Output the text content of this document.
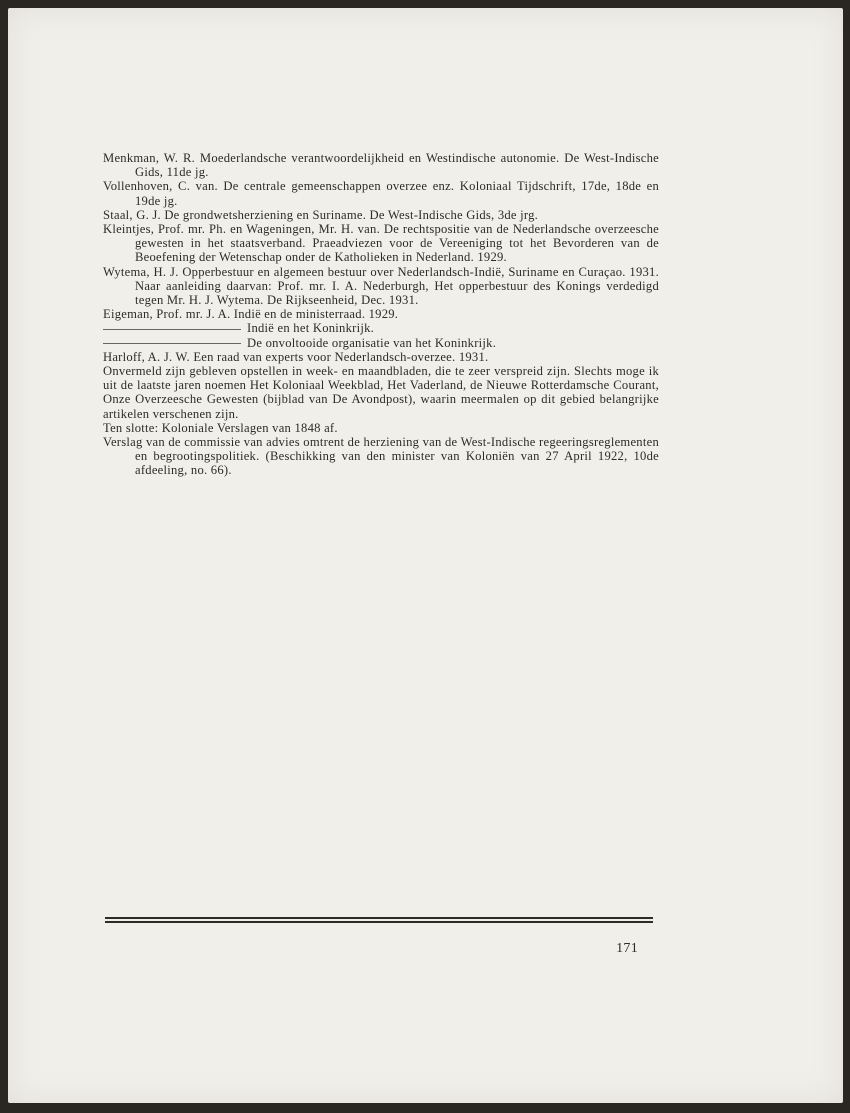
Menkman, W. R. Moederlandsche verantwoordelijkheid en Westindische autonomie. De West-Indische Gids, 11de jg.

Vollenhoven, C. van. De centrale gemeenschappen overzee enz. Koloniaal Tijdschrift, 17de, 18de en 19de jg.

Staal, G. J. De grondwetsherziening en Suriname. De West-Indische Gids, 3de jrg.

Kleintjes, Prof. mr. Ph. en Wageningen, Mr. H. van. De rechtspositie van de Nederlandsche overzeesche gewesten in het staatsverband. Praeadviezen voor de Vereeniging tot het Bevorderen van de Beoefening der Wetenschap onder de Katholieken in Nederland. 1929.

Wytema, H. J. Opperbestuur en algemeen bestuur over Nederlandsch-Indië, Suriname en Curaçao. 1931. Naar aanleiding daarvan: Prof. mr. I. A. Nederburgh, Het opperbestuur des Konings verdedigd tegen Mr. H. J. Wytema. De Rijkseenheid, Dec. 1931.

Eigeman, Prof. mr. J. A. Indië en de ministerraad. 1929.

Indië en het Koninkrijk.

De onvoltooide organisatie van het Koninkrijk.

Harloff, A. J. W. Een raad van experts voor Nederlandsch-overzee. 1931.

Onvermeld zijn gebleven opstellen in week- en maandbladen, die te zeer verspreid zijn. Slechts moge ik uit de laatste jaren noemen Het Koloniaal Weekblad, Het Vaderland, de Nieuwe Rotterdamsche Courant, Onze Overzeesche Gewesten (bijblad van De Avondpost), waarin meermalen op dit gebied belangrijke artikelen verschenen zijn.

Ten slotte: Koloniale Verslagen van 1848 af.

Verslag van de commissie van advies omtrent de herziening van de West-Indische regeeringsreglementen en begrootingspolitiek. (Beschikking van den minister van Koloniën van 27 April 1922, 10de afdeeling, no. 66).

171
